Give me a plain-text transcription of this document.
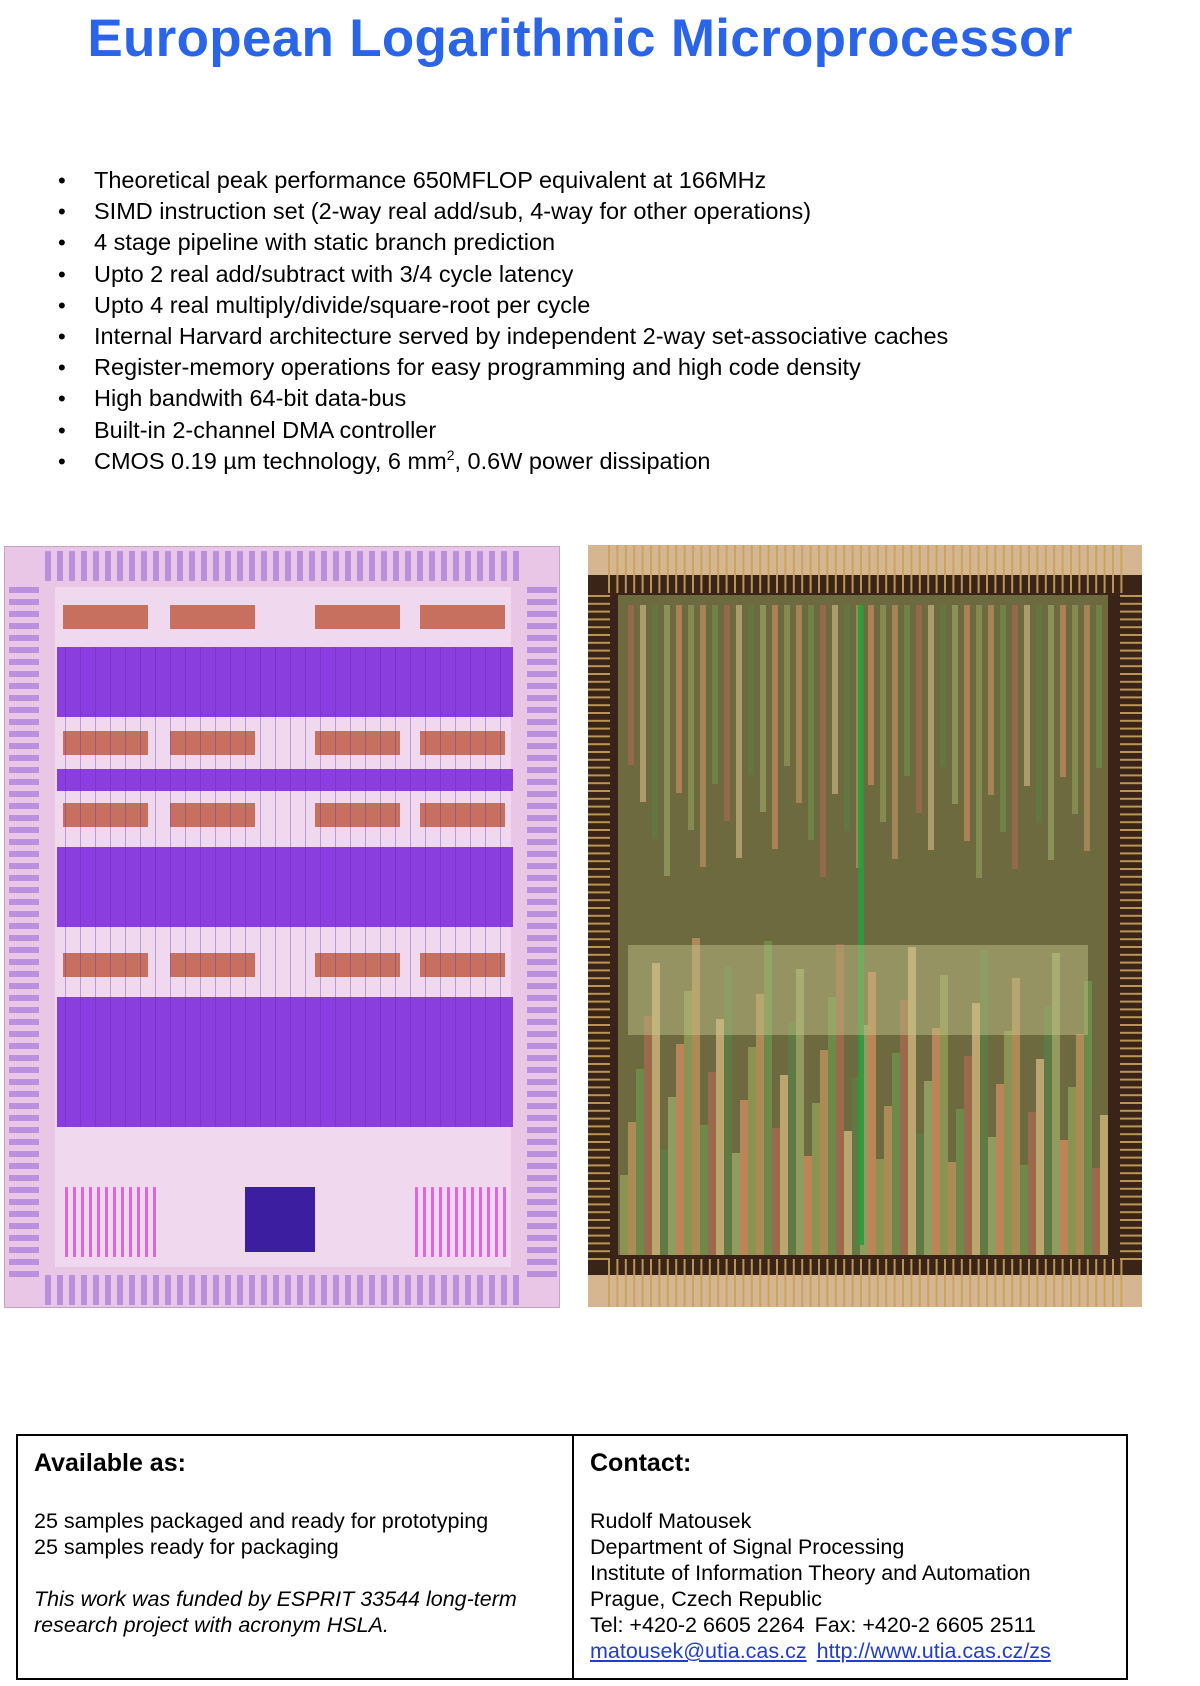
European Logarithmic Microprocessor
• Theoretical peak performance 650MFLOP equivalent at 166MHz
• SIMD instruction set (2-way real add/sub, 4-way for other operations)
• 4 stage pipeline with static branch prediction
• Upto 2 real add/subtract with 3/4 cycle latency
• Upto 4 real multiply/divide/square-root per cycle
• Internal Harvard architecture served by independent 2-way set-associative caches
• Register-memory operations for easy programming and high code density
• High bandwith 64-bit data-bus
• Built-in 2-channel DMA controller
• CMOS 0.19 µm technology, 6 $mm^2$, 0.6W power dissipation
Available as:

25 samples packaged and ready for prototyping

25 samples ready for packaging

This work was funded by ESPRIT 33544 long-term

research project with acronym HSLA.

Contact:

Rudolf Matousek

Department of Signal Processing

Institute of Information Theory and Automation

Prague, Czech Republic

Tel: +420-2 6605 2264 Fax: +420-2 6605 2511

matousek@utia.cas.cz http://www.utia.cas.cz/zs
